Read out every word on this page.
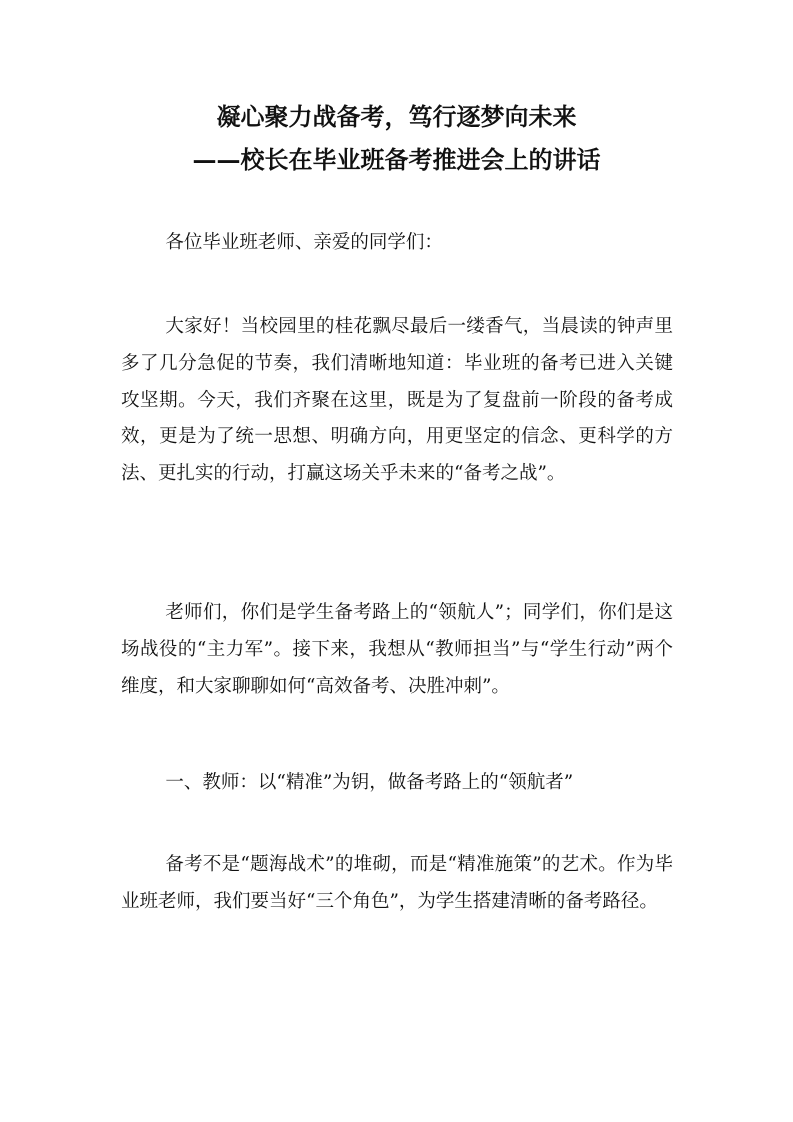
凝心聚力战备考，笃行逐梦向未来
——校长在毕业班备考推进会上的讲话

各位毕业班老师、亲爱的同学们：

大家好！当校园里的桂花飘尽最后一缕香气，当晨读的钟声里多了几分急促的节奏，我们清晰地知道：毕业班的备考已进入关键攻坚期。今天，我们齐聚在这里，既是为了复盘前一阶段的备考成效，更是为了统一思想、明确方向，用更坚定的信念、更科学的方法、更扎实的行动，打赢这场关乎未来的“备考之战”。

老师们，你们是学生备考路上的“领航人”；同学们，你们是这场战役的“主力军”。接下来，我想从“教师担当”与“学生行动”两个维度，和大家聊聊如何“高效备考、决胜冲刺”。

一、教师：以“精准”为钥，做备考路上的“领航者”

备考不是“题海战术”的堆砌，而是“精准施策”的艺术。作为毕业班老师，我们要当好“三个角色”，为学生搭建清晰的备考路径。
